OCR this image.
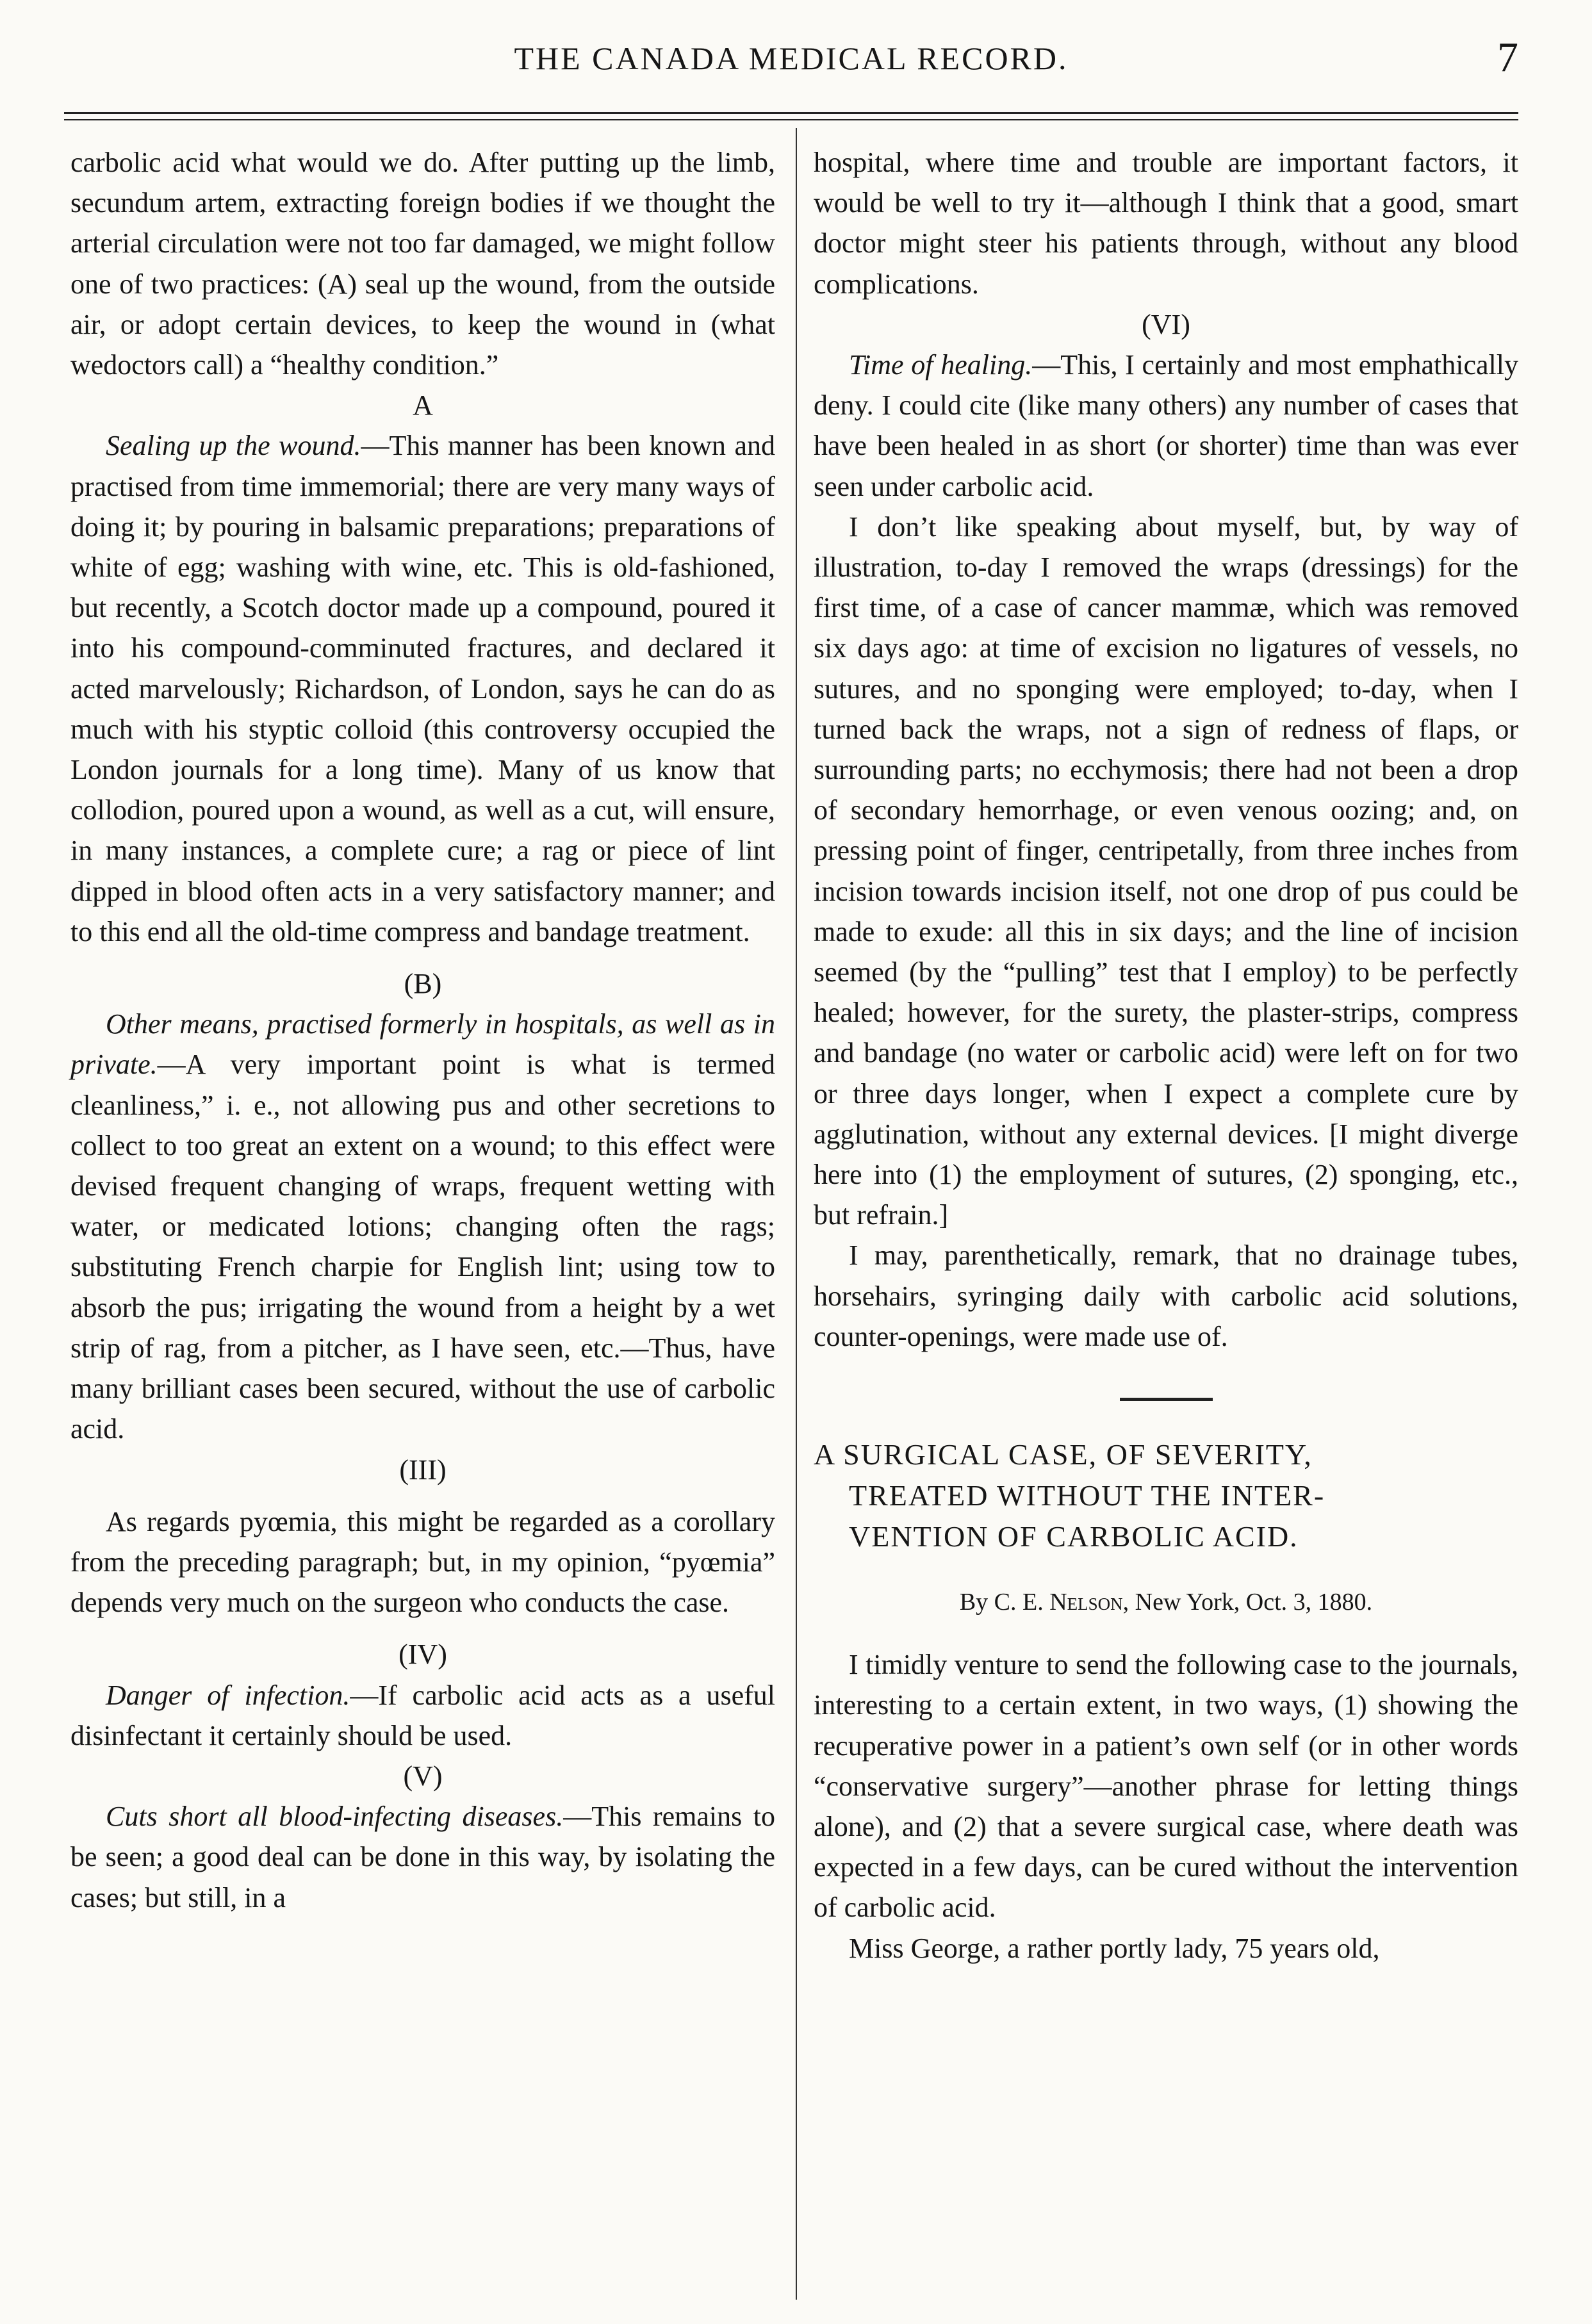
THE CANADA MEDICAL RECORD.	7

carbolic acid what would we do. After putting up the limb, secundum artem, extracting foreign bodies if we thought the arterial circulation were not too far damaged, we might follow one of two practices: (A) seal up the wound, from the outside air, or adopt certain devices, to keep the wound in (what wedoctors call) a “healthy condition.”

A

Sealing up the wound.—This manner has been known and practised from time immemorial; there are very many ways of doing it; by pouring in balsamic preparations; preparations of white of egg; washing with wine, etc. This is old-fashioned, but recently, a Scotch doctor made up a compound, poured it into his compound-comminuted fractures, and declared it acted marvelously; Richardson, of London, says he can do as much with his styptic colloid (this controversy occupied the London journals for a long time). Many of us know that collodion, poured upon a wound, as well as a cut, will ensure, in many instances, a complete cure; a rag or piece of lint dipped in blood often acts in a very satisfactory manner; and to this end all the old-time compress and bandage treatment.

(B)

Other means, practised formerly in hospitals, as well as in private.—A very important point is what is termed cleanliness,” i. e., not allowing pus and other secretions to collect to too great an extent on a wound; to this effect were devised frequent changing of wraps, frequent wetting with water, or medicated lotions; changing often the rags; substituting French charpie for English lint; using tow to absorb the pus; irrigating the wound from a height by a wet strip of rag, from a pitcher, as I have seen, etc.—Thus, have many brilliant cases been secured, without the use of carbolic acid.

(III)

As regards pyœmia, this might be regarded as a corollary from the preceding paragraph; but, in my opinion, “pyœmia” depends very much on the surgeon who conducts the case.

(IV)

Danger of infection.—If carbolic acid acts as a useful disinfectant it certainly should be used.

(V)

Cuts short all blood-infecting diseases.—This remains to be seen; a good deal can be done in this way, by isolating the cases; but still, in a

hospital, where time and trouble are important factors, it would be well to try it—although I think that a good, smart doctor might steer his patients through, without any blood complications.

(VI)

Time of healing.—This, I certainly and most emphathically deny. I could cite (like many others) any number of cases that have been healed in as short (or shorter) time than was ever seen under carbolic acid.

I don’t like speaking about myself, but, by way of illustration, to-day I removed the wraps (dressings) for the first time, of a case of cancer mammæ, which was removed six days ago: at time of excision no ligatures of vessels, no sutures, and no sponging were employed; to-day, when I turned back the wraps, not a sign of redness of flaps, or surrounding parts; no ecchymosis; there had not been a drop of secondary hemorrhage, or even venous oozing; and, on pressing point of finger, centripetally, from three inches from incision towards incision itself, not one drop of pus could be made to exude: all this in six days; and the line of incision seemed (by the “pulling” test that I employ) to be perfectly healed; however, for the surety, the plaster-strips, compress and bandage (no water or carbolic acid) were left on for two or three days longer, when I expect a complete cure by agglutination, without any external devices. [I might diverge here into (1) the employment of sutures, (2) sponging, etc., but refrain.]

I may, parenthetically, remark, that no drainage tubes, horsehairs, syringing daily with carbolic acid solutions, counter-openings, were made use of.

A SURGICAL CASE, OF SEVERITY,
TREATED WITHOUT THE INTER-
VENTION OF CARBOLIC ACID.
By C. E. Nelson, New York, Oct. 3, 1880.

I timidly venture to send the following case to the journals, interesting to a certain extent, in two ways, (1) showing the recuperative power in a patient’s own self (or in other words “conservative surgery”—another phrase for letting things alone), and (2) that a severe surgical case, where death was expected in a few days, can be cured without the intervention of carbolic acid.

Miss George, a rather portly lady, 75 years old,
